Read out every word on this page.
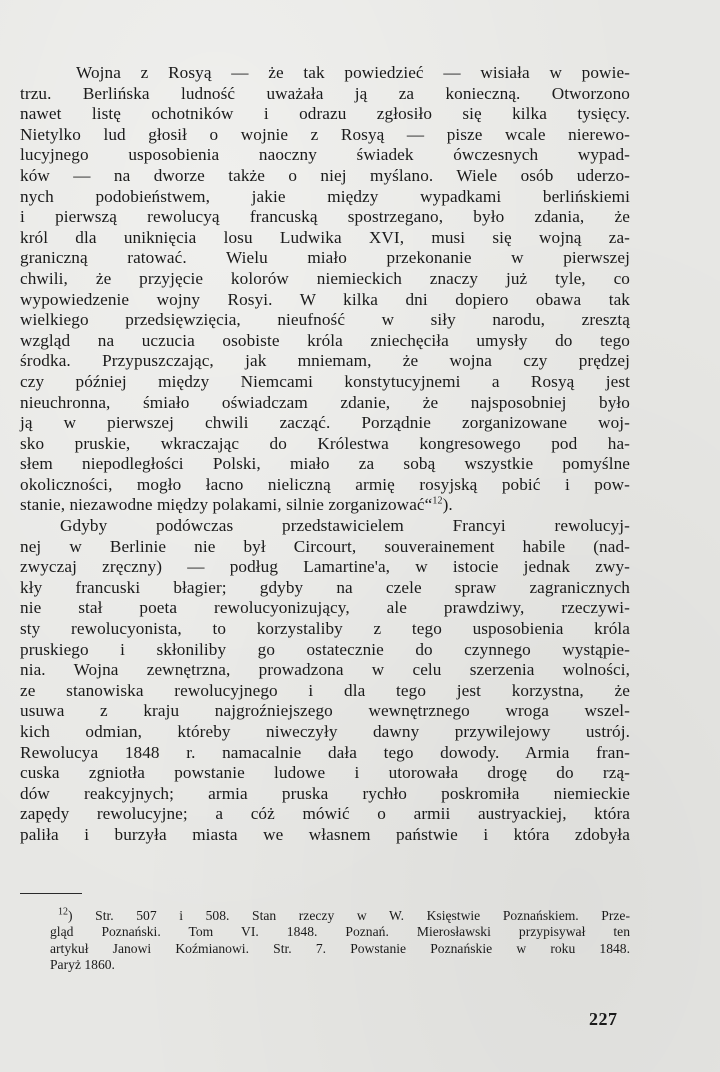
Wojna z Rosyą — że tak powiedzieć — wisiała w powie-
trzu. Berlińska ludność uważała ją za konieczną. Otworzono
nawet listę ochotników i odrazu zgłosiło się kilka tysięcy.
Nietylko lud głosił o wojnie z Rosyą — pisze wcale nierewo-
lucyjnego usposobienia naoczny świadek ówczesnych wypad-
ków — na dworze także o niej myślano. Wiele osób uderzo-
nych podobieństwem, jakie między wypadkami berlińskiemi
i pierwszą rewolucyą francuską spostrzegano, było zdania, że
król dla uniknięcia losu Ludwika XVI, musi się wojną za-
graniczną ratować. Wielu miało przekonanie w pierwszej
chwili, że przyjęcie kolorów niemieckich znaczy już tyle, co
wypowiedzenie wojny Rosyi. W kilka dni dopiero obawa tak
wielkiego przedsięwzięcia, nieufność w siły narodu, zresztą
wzgląd na uczucia osobiste króla zniechęciła umysły do tego
środka. Przypuszczając, jak mniemam, że wojna czy prędzej
czy później między Niemcami konstytucyjnemi a Rosyą jest
nieuchronna, śmiało oświadczam zdanie, że najsposobniej było
ją w pierwszej chwili zacząć. Porządnie zorganizowane woj-
sko pruskie, wkraczając do Królestwa kongresowego pod ha-
słem niepodległości Polski, miało za sobą wszystkie pomyślne
okoliczności, mogło łacno nieliczną armię rosyjską pobić i pow-
stanie, niezawodne między polakami, silnie zorganizować“$^{12}$).
Gdyby podówczas przedstawicielem Francyi rewolucyj-
nej w Berlinie nie był Circourt, souverainement habile (nad-
zwyczaj zręczny) — podług Lamartine'a, w istocie jednak zwy-
kły francuski błagier; gdyby na czele spraw zagranicznych
nie stał poeta rewolucyonizujący, ale prawdziwy, rzeczywi-
sty rewolucyonista, to korzystaliby z tego usposobienia króla
pruskiego i skłoniliby go ostatecznie do czynnego wystąpie-
nia. Wojna zewnętrzna, prowadzona w celu szerzenia wolności,
ze stanowiska rewolucyjnego i dla tego jest korzystna, że
usuwa z kraju najgroźniejszego wewnętrznego wroga wszel-
kich odmian, któreby niweczyły dawny przywilejowy ustrój.
Rewolucya 1848 r. namacalnie dała tego dowody. Armia fran-
cuska zgniotła powstanie ludowe i utorowała drogę do rzą-
dów reakcyjnych; armia pruska rychło poskromiła niemieckie
zapędy rewolucyjne; a cóż mówić o armii austryackiej, która
paliła i burzyła miasta we własnem państwie i która zdobyła
$^{12}$) Str. 507 i 508. Stan rzeczy w W. Księstwie Poznańskiem. Prze-
gląd Poznański. Tom VI. 1848. Poznań. Mierosławski przypisywał ten
artykuł Janowi Koźmianowi. Str. 7. Powstanie Poznańskie w roku 1848.
Paryż 1860.
227
